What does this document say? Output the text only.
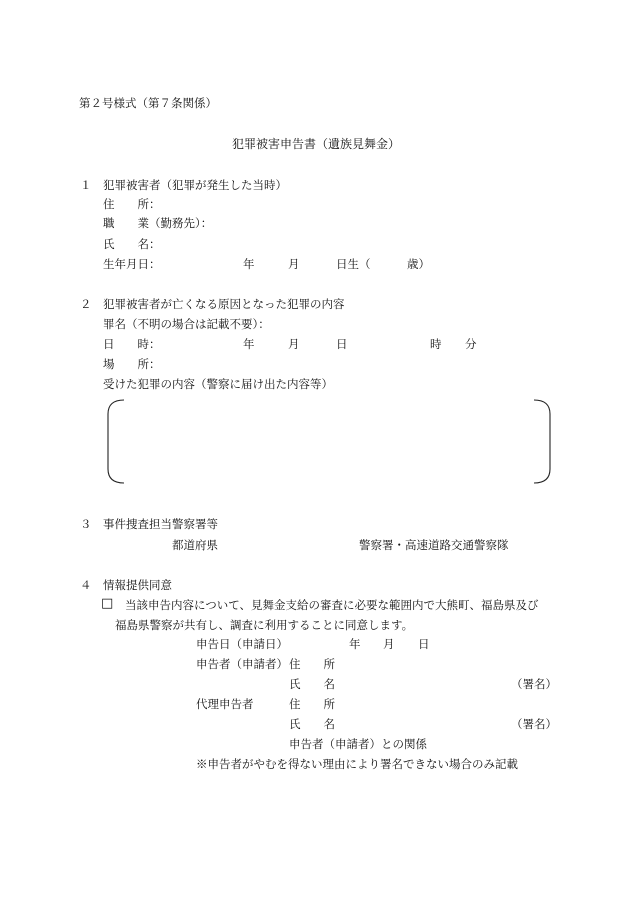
第２号様式（第７条関係）
犯罪被害申告書（遺族見舞金）
１ 犯罪被害者（犯罪が発生した当時）
住　　所：
職　　業（勤務先）：
氏　　名：
生年月日：	年	月	日生（	歳）
２ 犯罪被害者が亡くなる原因となった犯罪の内容
罪名（不明の場合は記載不要）：
日　　時：	年	月	日	時 分
場　　所：
受けた犯罪の内容（警察に届け出た内容等）
３ 事件捜査担当警察署等
都道府県	警察署・高速道路交通警察隊
４ 情報提供同意
□ 当該申告内容について、見舞金支給の審査に必要な範囲内で大熊町、福島県及び
福島県警察が共有し、調査に利用することに同意します。
申告日（申請日）	年 月 日
申告者（申請者） 住　　所
氏　　名	（署名）
代理申告者	住　　所
氏　　名	（署名）
申告者（申請者）との関係
※申告者がやむを得ない理由により署名できない場合のみ記載
